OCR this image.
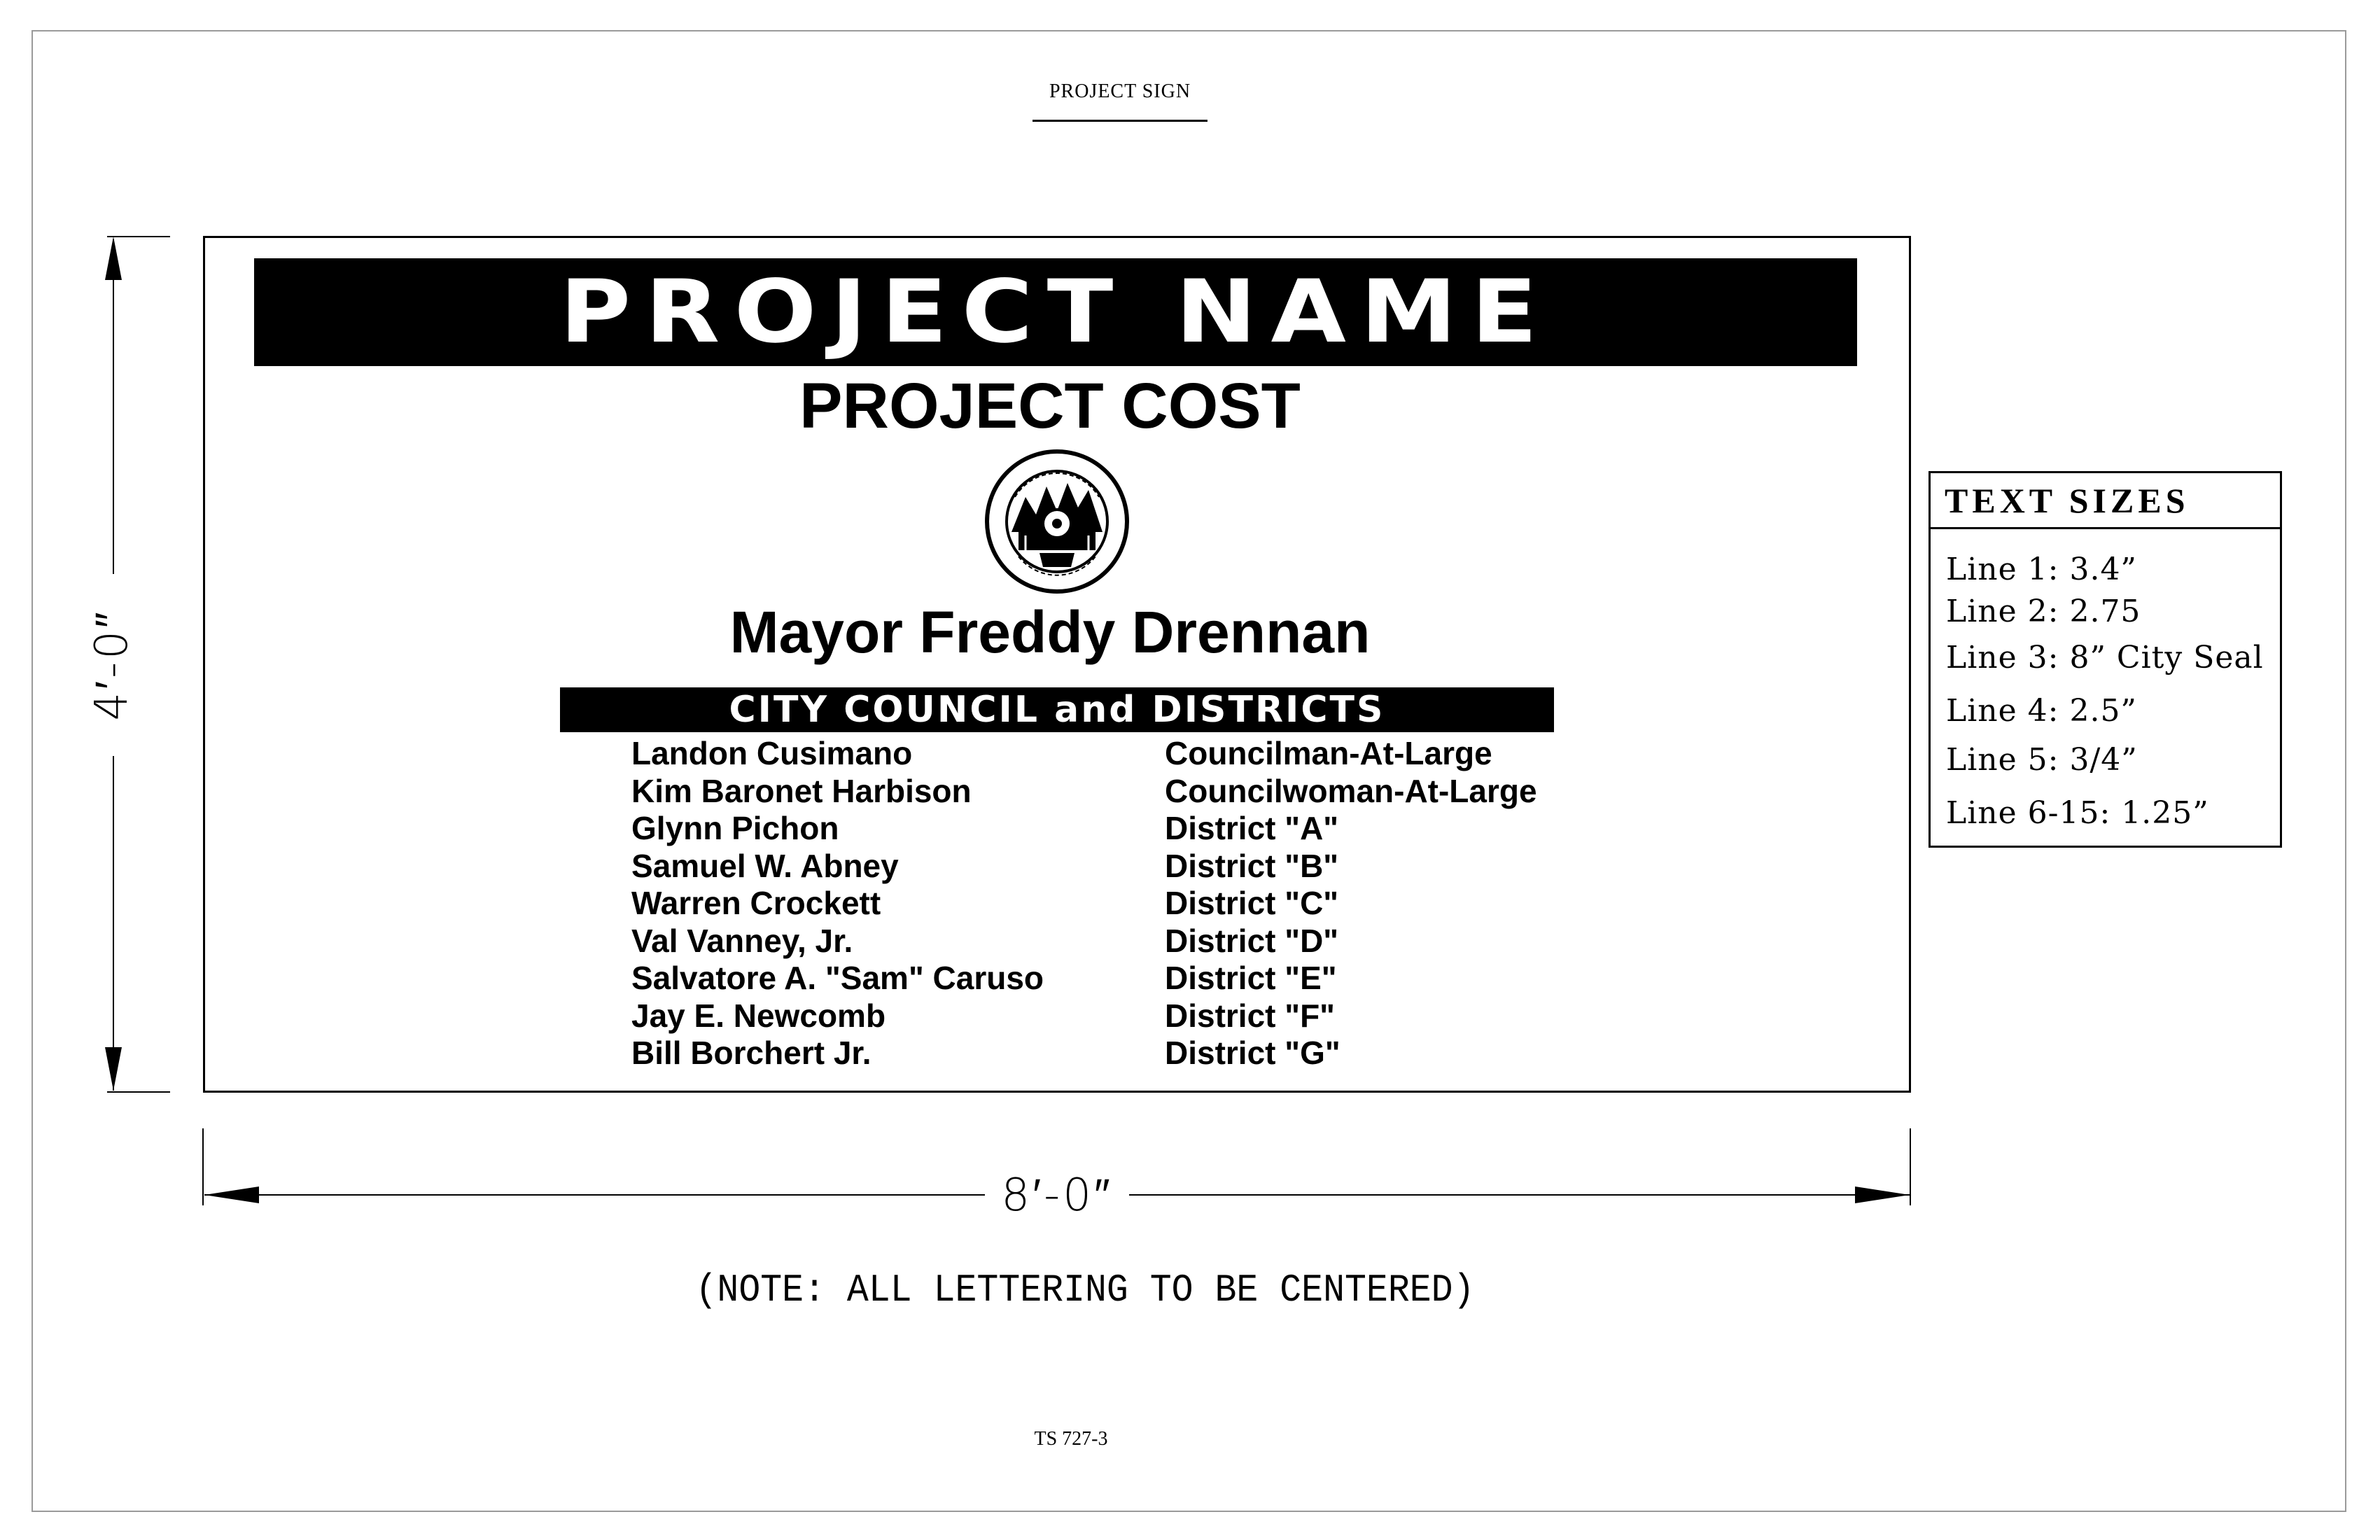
PROJECT SIGN
PROJECT NAME
PROJECT COST
Mayor Freddy Drennan
CITY COUNCIL and DISTRICTS
Landon Cusimano	Councilman-At-Large
Kim Baronet Harbison	Councilwoman-At-Large
Glynn Pichon	District "A"
Samuel W. Abney	District "B"
Warren Crockett	District "C"
Val Vanney, Jr.	District "D"
Salvatore A. "Sam" Caruso	District "E"
Jay E. Newcomb	District "F"
Bill Borchert Jr.	District "G"
4′-0″
8′-0″
(NOTE: ALL LETTERING TO BE CENTERED)
TS 727-3
TEXT SIZES
Line 1: 3.4”
Line 2: 2.75
Line 3: 8” City Seal
Line 4: 2.5”
Line 5: 3/4”
Line 6-15: 1.25”
